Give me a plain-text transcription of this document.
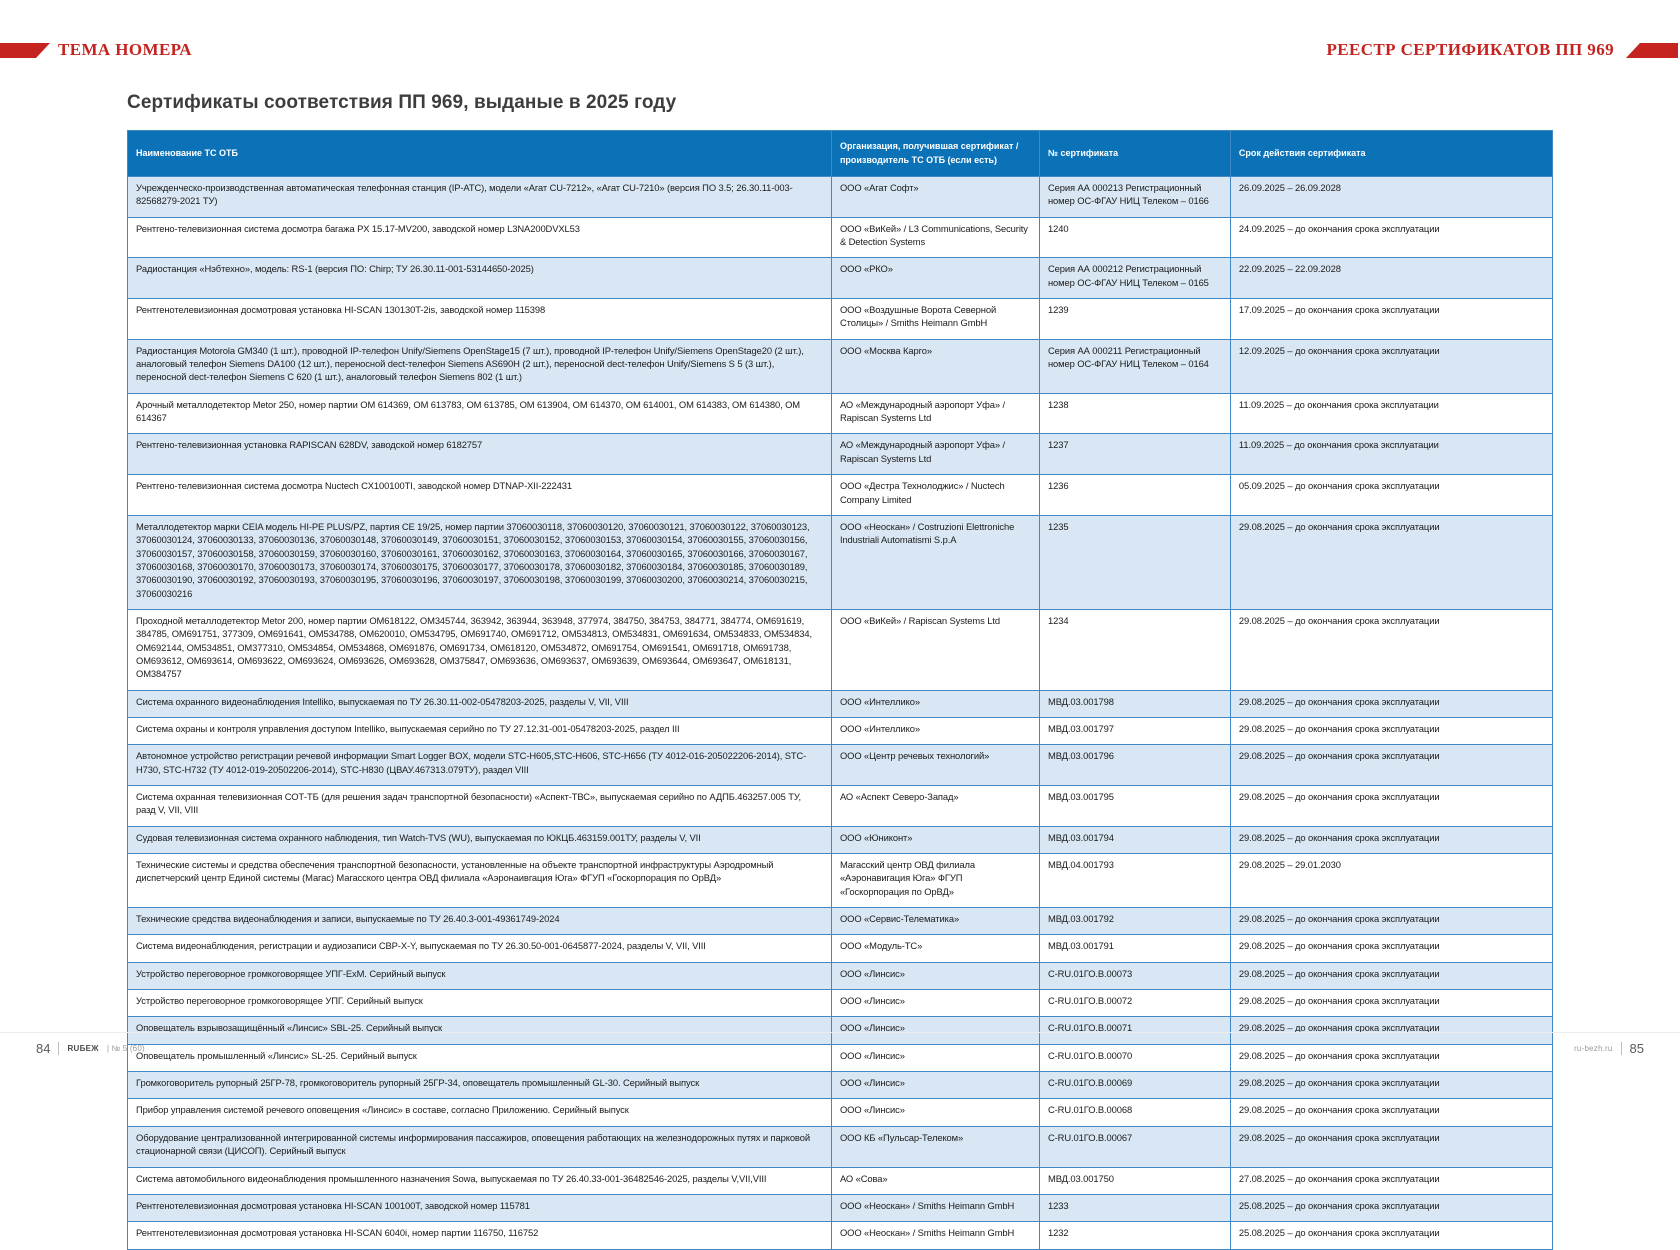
ТЕМА НОМЕРА	РЕЕСТР СЕРТИФИКАТОВ ПП 969
Сертификаты соответствия ПП 969, выданые в 2025 году
Наименование ТС ОТБ	Организация, получившая сертификат / производитель ТС ОТБ (если есть)	№ сертификата	Срок действия сертификата
Учрежденческо-производственная автоматическая телефонная станция (IP-АТС), модели «Агат CU-7212», «Агат CU-7210» (версия ПО 3.5; 26.30.11-003-82568279-2021 ТУ)	ООО «Агат Софт»	Серия АА 000213 Регистрационный номер ОС-ФГАУ НИЦ Телеком – 0166	26.09.2025 – 26.09.2028
Рентгено-телевизионная система досмотра багажа PX 15.17-MV200, заводской номер L3NA200DVXL53	ООО «ВиКей» / L3 Communications, Security & Detection Systems	1240	24.09.2025 – до окончания срока эксплуатации
Радиостанция «Нэбтехно», модель: RS-1 (версия ПО: Chirp; ТУ 26.30.11-001-53144650-2025)	ООО «РКО»	Серия АА 000212 Регистрационный номер ОС-ФГАУ НИЦ Телеком – 0165	22.09.2025 – 22.09.2028
Рентгенотелевизионная досмотровая установка HI-SCAN 130130T-2is, заводской номер 115398	ООО «Воздушные Ворота Северной Столицы» / Smiths Heimann GmbH	1239	17.09.2025 – до окончания срока эксплуатации
Радиостанция Motorola GM340 (1 шт.), проводной IP-телефон Unify/Siemens OpenStage15 (7 шт.), проводной IP-телефон Unify/Siemens OpenStage20 (2 шт.), аналоговый телефон Siemens DA100 (12 шт.), переносной dect-телефон Siemens AS690H (2 шт.), переносной dect-телефон Unify/Siemens S 5 (3 шт.), переносной dect-телефон Siemens C 620 (1 шт.), аналоговый телефон Siemens 802 (1 шт.)	ООО «Москва Карго»	Серия АА 000211 Регистрационный номер ОС-ФГАУ НИЦ Телеком – 0164	12.09.2025 – до окончания срока эксплуатации
Арочный металлодетектор Metor 250, номер партии ОМ 614369, ОМ 613783, ОМ 613785, ОМ 613904, ОМ 614370, ОМ 614001, ОМ 614383, ОМ 614380, ОМ 614367	АО «Международный аэропорт Уфа» / Rapiscan Systems Ltd	1238	11.09.2025 – до окончания срока эксплуатации
Рентгено-телевизионная установка RAPISCAN 628DV, заводской номер 6182757	АО «Международный аэропорт Уфа» / Rapiscan Systems Ltd	1237	11.09.2025 – до окончания срока эксплуатации
Рентгено-телевизионная система досмотра Nuctech CX100100TI, заводской номер DTNAP-XII-222431	ООО «Дестра Технолоджис» / Nuctech Company Limited	1236	05.09.2025 – до окончания срока эксплуатации
Металлодетектор марки CEIA модель HI-PE PLUS/PZ, партия CE 19/25, номер партии 37060030118, 37060030120, 37060030121, 37060030122, 37060030123, 37060030124, 37060030133, 37060030136, 37060030148, 37060030149, 37060030151, 37060030152, 37060030153, 37060030154, 37060030155, 37060030156, 37060030157, 37060030158, 37060030159, 37060030160, 37060030161, 37060030162, 37060030163, 37060030164, 37060030165, 37060030166, 37060030167, 37060030168, 37060030170, 37060030173, 37060030174, 37060030175, 37060030177, 37060030178, 37060030182, 37060030184, 37060030185, 37060030189, 37060030190, 37060030192, 37060030193, 37060030195, 37060030196, 37060030197, 37060030198, 37060030199, 37060030200, 37060030214, 37060030215, 37060030216	ООО «Неоскан» / Costruzioni Elettroniche Industriali Automatismi S.p.A	1235	29.08.2025 – до окончания срока эксплуатации
Проходной металлодетектор Metor 200, номер партии ОМ618122, ОМ345744, 363942, 363944, 363948, 377974, 384750, 384753, 384771, 384774, ОМ691619, 384785, ОМ691751, 377309, ОМ691641, ОМ534788, ОМ620010, ОМ534795, ОМ691740, ОМ691712, ОМ534813, ОМ534831, ОМ691634, ОМ534833, ОМ534834, ОМ692144, ОМ534851, ОМ377310, ОМ534854, ОМ534868, ОМ691876, ОМ691734, ОМ618120, ОМ534872, ОМ691754, ОМ691541, ОМ691718, ОМ691738, ОМ693612, ОМ693614, ОМ693622, ОМ693624, ОМ693626, ОМ693628, ОМ375847, ОМ693636, ОМ693637, ОМ693639, ОМ693644, ОМ693647, ОМ618131, ОМ384757	ООО «ВиКей» / Rapiscan Systems Ltd	1234	29.08.2025 – до окончания срока эксплуатации
Система охранного видеонаблюдения Intelliko, выпускаемая по ТУ 26.30.11-002-05478203-2025, разделы V, VII, VIII	ООО «Интеллико»	МВД.03.001798	29.08.2025 – до окончания срока эксплуатации
Система охраны и контроля управления доступом Intelliko, выпускаемая серийно по ТУ 27.12.31-001-05478203-2025, раздел III	ООО «Интеллико»	МВД.03.001797	29.08.2025 – до окончания срока эксплуатации
Автономное устройство регистрации речевой информации Smart Logger BOX, модели STC-H605,STC-H606, STC-H656 (ТУ 4012-016-205022206-2014), STC-H730, STC-H732 (ТУ 4012-019-20502206-2014), STC-H830 (ЦВАУ.467313.079ТУ), раздел VIII	ООО «Центр речевых технологий»	МВД.03.001796	29.08.2025 – до окончания срока эксплуатации
Система охранная телевизионная СОТ-ТБ (для решения задач транспортной безопасности) «Аспект-ТВС», выпускаемая серийно по АДПБ.463257.005 ТУ, разд V, VII, VIII	АО «Аспект Северо-Запад»	МВД.03.001795	29.08.2025 – до окончания срока эксплуатации
Судовая телевизионная система охранного наблюдения, тип Watch-TVS (WU), выпускаемая по ЮКЦБ.463159.001ТУ, разделы V, VII	ООО «Юниконт»	МВД.03.001794	29.08.2025 – до окончания срока эксплуатации
Технические системы и средства обеспечения транспортной безопасности, установленные на объекте транспортной инфраструктуры Аэродромный диспетчерский центр Единой системы (Магас) Магасского центра ОВД филиала «Аэронаивгация Юга» ФГУП «Госкорпорация по ОрВД»	Магасский центр ОВД филиала «Аэронавигация Юга» ФГУП «Госкорпорация по ОрВД»	МВД.04.001793	29.08.2025 – 29.01.2030
Технические средства видеонаблюдения и записи, выпускаемые по ТУ 26.40.3-001-49361749-2024	ООО «Сервис-Телематика»	МВД.03.001792	29.08.2025 – до окончания срока эксплуатации
Система видеонаблюдения, регистрации и аудиозаписи СВР-X-Y, выпускаемая по ТУ 26.30.50-001-0645877-2024, разделы V, VII, VIII	ООО «Модуль-ТС»	МВД.03.001791	29.08.2025 – до окончания срока эксплуатации
Устройство переговорное громкоговорящее УПГ-ExM. Серийный выпуск	ООО «Линсис»	C-RU.01ГО.В.00073	29.08.2025 – до окончания срока эксплуатации
Устройство переговорное громкоговорящее УПГ. Серийный выпуск	ООО «Линсис»	C-RU.01ГО.В.00072	29.08.2025 – до окончания срока эксплуатации
Оповещатель взрывозащищённый «Линсис» SBL-25. Серийный выпуск	ООО «Линсис»	C-RU.01ГО.В.00071	29.08.2025 – до окончания срока эксплуатации
Оповещатель промышленный «Линсис» SL-25. Серийный выпуск	ООО «Линсис»	C-RU.01ГО.В.00070	29.08.2025 – до окончания срока эксплуатации
Громкоговоритель рупорный 25ГР-78, громкоговоритель рупорный 25ГР-34, оповещатель промышленный GL-30. Серийный выпуск	ООО «Линсис»	C-RU.01ГО.В.00069	29.08.2025 – до окончания срока эксплуатации
Прибор управления системой речевого оповещения «Линсис» в составе, согласно Приложению. Серийный выпуск	ООО «Линсис»	C-RU.01ГО.В.00068	29.08.2025 – до окончания срока эксплуатации
Оборудование централизованной интегрированной системы информирования пассажиров, оповещения работающих на железнодорожных путях и парковой стационарной связи (ЦИСОП). Серийный выпуск	ООО КБ «Пульсар-Телеком»	C-RU.01ГО.В.00067	29.08.2025 – до окончания срока эксплуатации
Система автомобильного видеонаблюдения промышленного назначения Sowa, выпускаемая по ТУ 26.40.33-001-36482546-2025, разделы V,VII,VIII	АО «Сова»	МВД.03.001750	27.08.2025 – до окончания срока эксплуатации
Рентгенотелевизионная досмотровая установка HI-SCAN 100100T, заводской номер 115781	ООО «Неоскан» / Smiths Heimann GmbH	1233	25.08.2025 – до окончания срока эксплуатации
Рентгенотелевизионная досмотровая установка HI-SCAN 6040i, номер партии 116750, 116752	ООО «Неоскан» / Smiths Heimann GmbH	1232	25.08.2025 – до окончания срока эксплуатации
84 RUБЕЖ | № 5 (60)	ru-bezh.ru 85
